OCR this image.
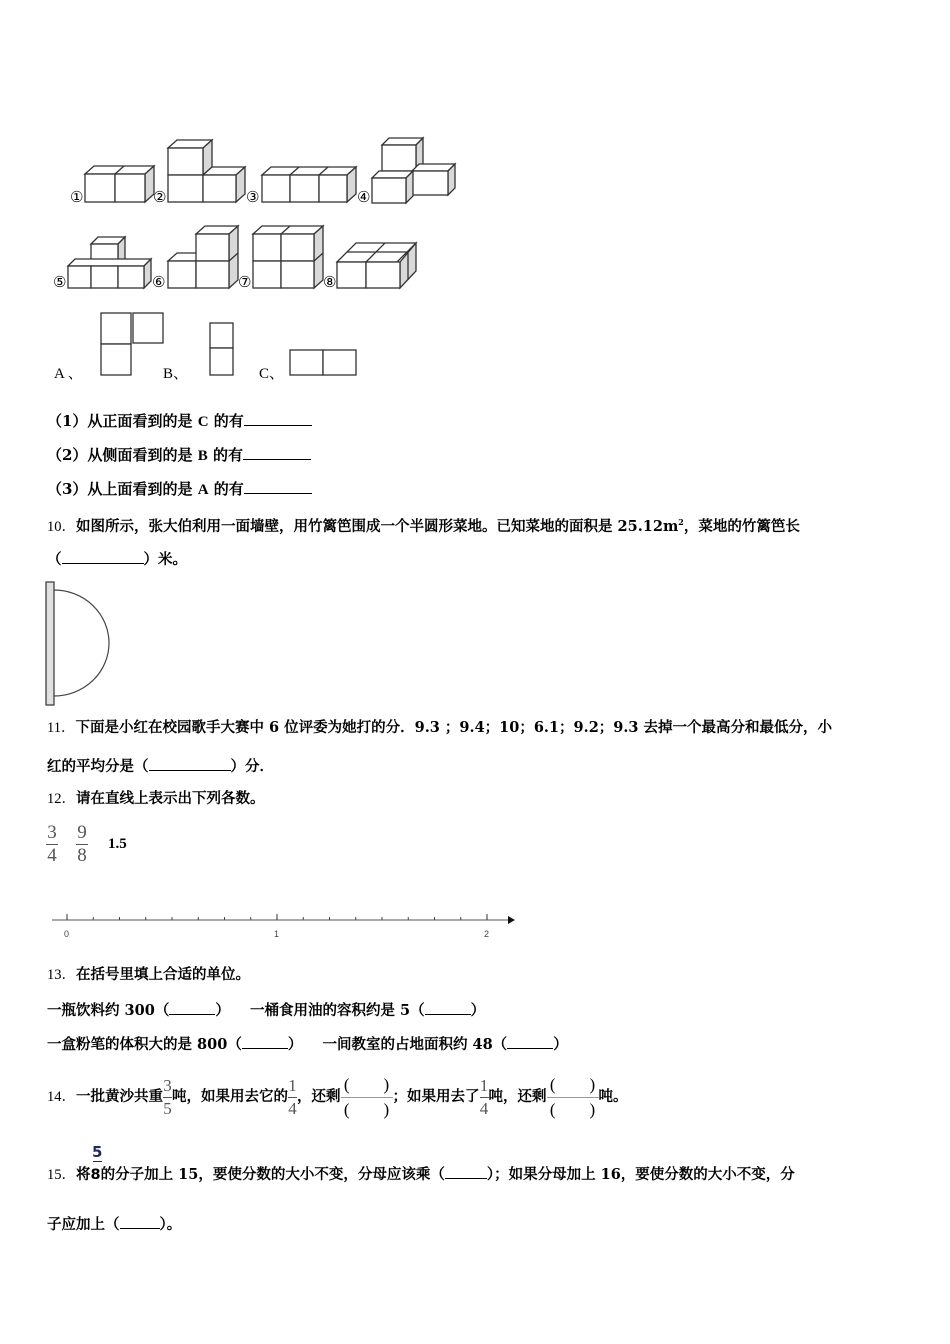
①	②	③	④
⑤	⑥	⑦	⑧
A 、	B、	C、
（1）从正面看到的是 C 的有
（2）从侧面看到的是 B 的有
（3）从上面看到的是 A 的有
10．如图所示，张大伯利用一面墙壁，用竹篱笆围成一个半圆形菜地。已知菜地的面积是 $25.12m^2$，菜地的竹篱笆长
（	）米。
11．下面是小红在校园歌手大赛中 6 位评委为她打的分．9.3 ；9.4；10；6.1；9.2；9.3 去掉一个最高分和最低分，小
红的平均分是（	）分．
12．请在直线上表示出下列各数。
$\frac{3}{4} \frac{9}{8} 1.5$
0	1	2
13．在括号里填上合适的单位。
一瓶饮料约 300（	） 一桶食用油的容积约是 5（	）
一盒粉笔的体积大的是 800（	） 一间教室的占地面积约 48（	）
14． 一批黄沙共重 $\frac{3}{5}$ 吨，如果用去它的 $\frac{1}{4}$ ，还剩
(　　)
(　　)
；如果用去了 $\frac{1}{4}$ 吨，还剩
(　　)
(　　)
吨。
5
15．将8的分子加上 15，要使分数的大小不变，分母应该乘（	）；如果分母加上 16，要使分数的大小不变，分
子应加上（	）。
